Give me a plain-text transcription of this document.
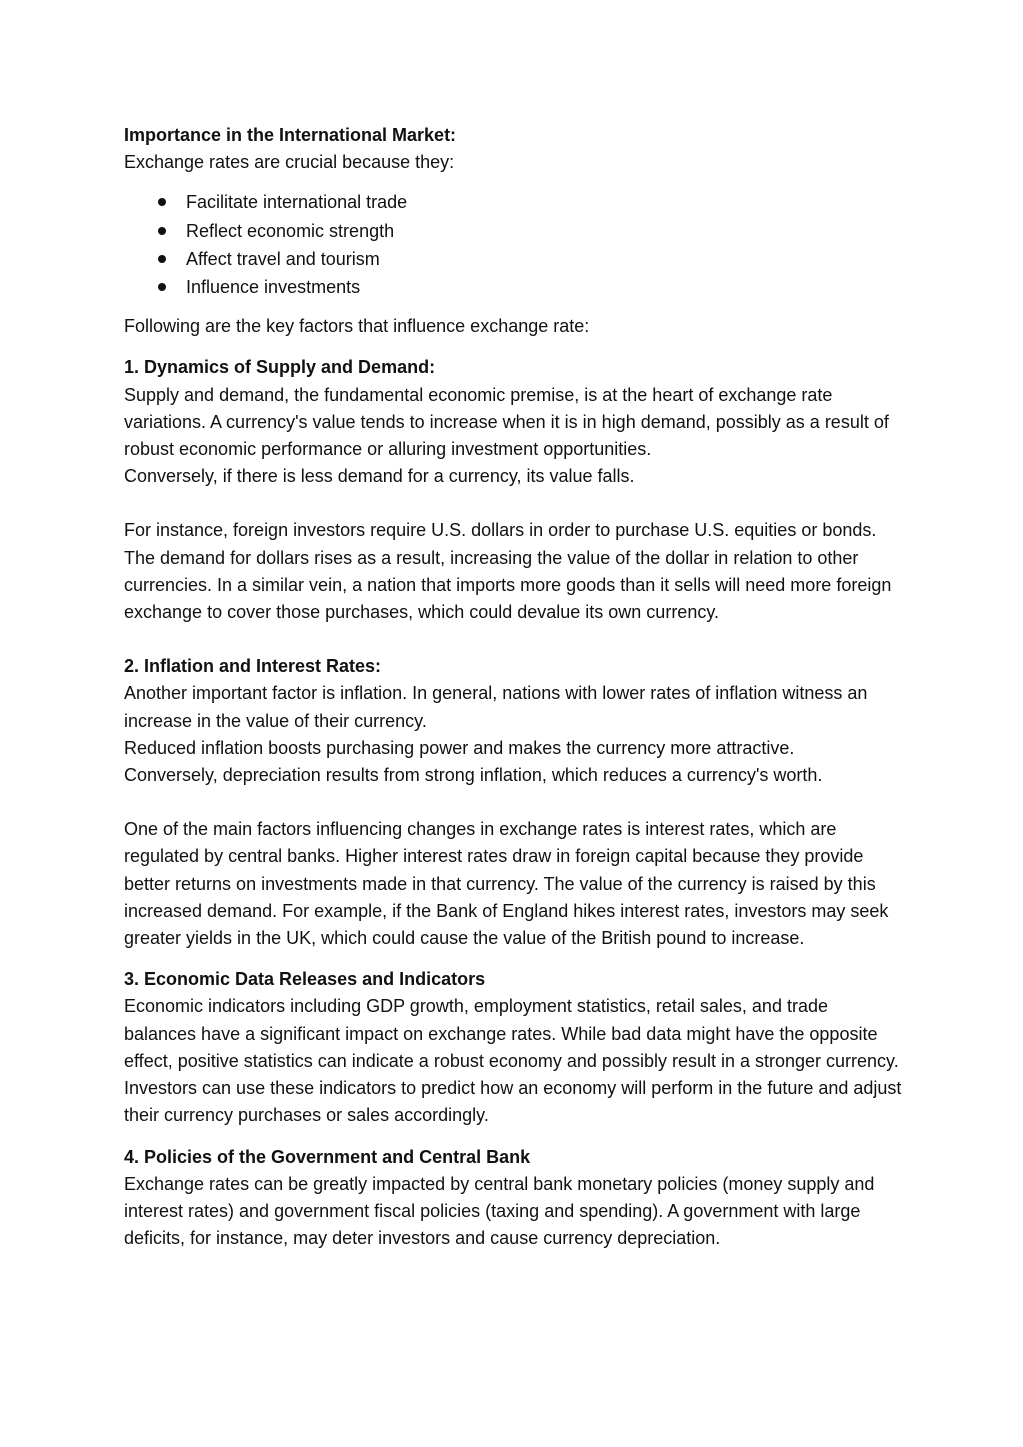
Importance in the International Market:

Exchange rates are crucial because they:

Facilitate international trade
Reflect economic strength
Affect travel and tourism
Influence investments

Following are the key factors that influence exchange rate:

1. Dynamics of Supply and Demand:

Supply and demand, the fundamental economic premise, is at the heart of exchange rate variations. A currency's value tends to increase when it is in high demand, possibly as a result of robust economic performance or alluring investment opportunities.

Conversely, if there is less demand for a currency, its value falls.

For instance, foreign investors require U.S. dollars in order to purchase U.S. equities or bonds. The demand for dollars rises as a result, increasing the value of the dollar in relation to other currencies. In a similar vein, a nation that imports more goods than it sells will need more foreign exchange to cover those purchases, which could devalue its own currency.

2. Inflation and Interest Rates:

Another important factor is inflation. In general, nations with lower rates of inflation witness an increase in the value of their currency.

Reduced inflation boosts purchasing power and makes the currency more attractive.

Conversely, depreciation results from strong inflation, which reduces a currency's worth.

One of the main factors influencing changes in exchange rates is interest rates, which are regulated by central banks. Higher interest rates draw in foreign capital because they provide better returns on investments made in that currency. The value of the currency is raised by this increased demand. For example, if the Bank of England hikes interest rates, investors may seek greater yields in the UK, which could cause the value of the British pound to increase.

3. Economic Data Releases and Indicators

Economic indicators including GDP growth, employment statistics, retail sales, and trade balances have a significant impact on exchange rates. While bad data might have the opposite effect, positive statistics can indicate a robust economy and possibly result in a stronger currency.

Investors can use these indicators to predict how an economy will perform in the future and adjust their currency purchases or sales accordingly.

4. Policies of the Government and Central Bank

Exchange rates can be greatly impacted by central bank monetary policies (money supply and interest rates) and government fiscal policies (taxing and spending). A government with large deficits, for instance, may deter investors and cause currency depreciation.
